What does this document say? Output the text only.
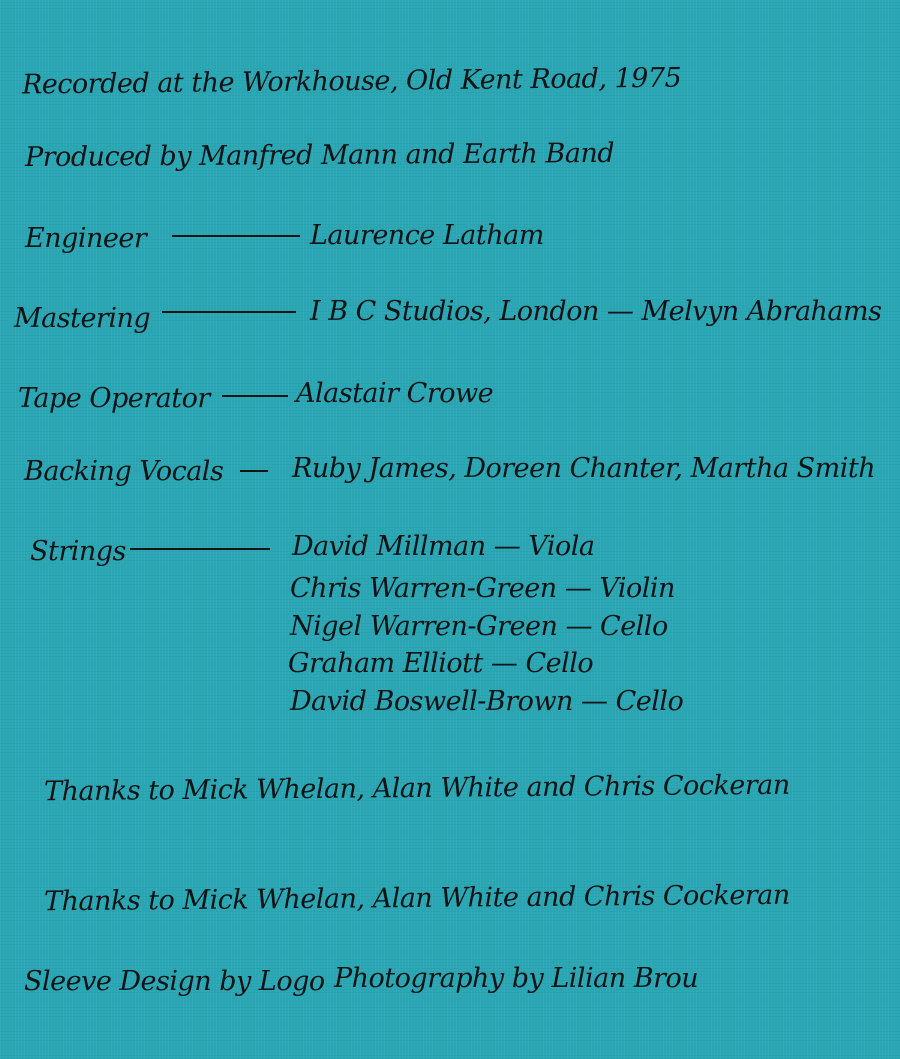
Recorded at the Workhouse, Old Kent Road, 1975
Produced by Manfred Mann and Earth Band
Engineer	Laurence Latham
Mastering	I B C Studios, London — Melvyn Abrahams
Tape Operator	Alastair Crowe
Backing Vocals	Ruby James, Doreen Chanter, Martha Smith
Strings	David Millman — Viola
Chris Warren-Green — Violin
Nigel Warren-Green — Cello
Graham Elliott — Cello
David Boswell-Brown — Cello
Thanks to Mick Whelan, Alan White and Chris Cockeran
Thanks to Mick Whelan, Alan White and Chris Cockeran
Sleeve Design by Logo Photography by Lilian Brou
